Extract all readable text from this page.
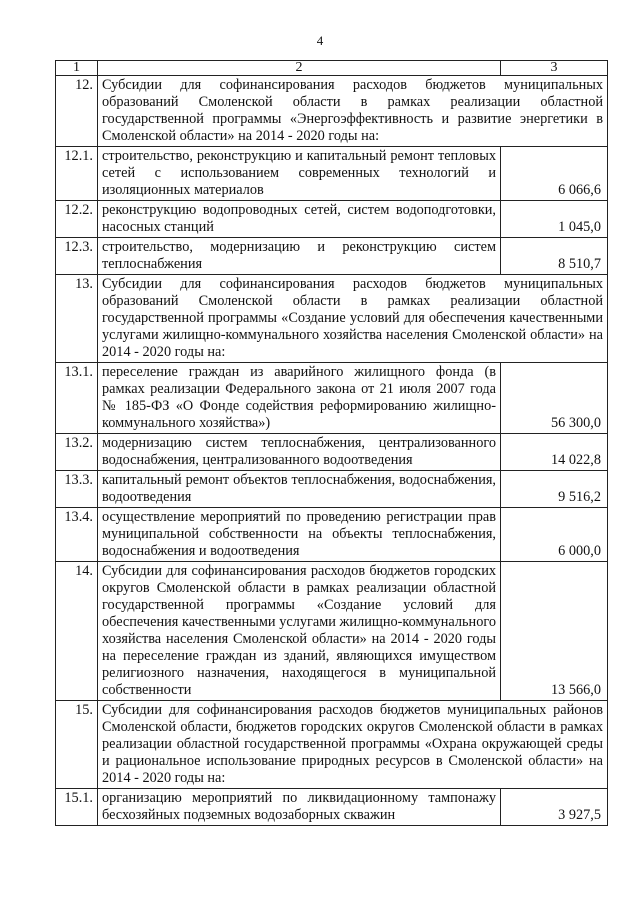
4
1	2	3
12.	Субсидии для софинансирования расходов бюджетов муниципальных образований Смоленской области в рамках реализации областной государственной программы «Энергоэффективность и развитие энергетики в Смоленской области» на 2014 - 2020 годы на:	
12.1.	строительство, реконструкцию и капитальный ремонт тепловых сетей с использованием современных технологий и изоляционных материалов	6 066,6
12.2.	реконструкцию водопроводных сетей, систем водоподготовки, насосных станций	1 045,0
12.3.	строительство, модернизацию и реконструкцию систем теплоснабжения	8 510,7
13.	Субсидии для софинансирования расходов бюджетов муниципальных образований Смоленской области в рамках реализации областной государственной программы «Создание условий для обеспечения качественными услугами жилищно-коммунального хозяйства населения Смоленской области» на 2014 - 2020 годы на:	
13.1.	переселение граждан из аварийного жилищного фонда (в рамках реализации Федерального закона от 21 июля 2007 года № 185-ФЗ «О Фонде содействия реформированию жилищно-коммунального хозяйства»)	56 300,0
13.2.	модернизацию систем теплоснабжения, централизованного водоснабжения, централизованного водоотведения	14 022,8
13.3.	капитальный ремонт объектов теплоснабжения, водоснабжения, водоотведения	9 516,2
13.4.	осуществление мероприятий по проведению регистрации прав муниципальной собственности на объекты теплоснабжения, водоснабжения и водоотведения	6 000,0
14.	Субсидии для софинансирования расходов бюджетов городских округов Смоленской области в рамках реализации областной государственной программы «Создание условий для обеспечения качественными услугами жилищно-коммунального хозяйства населения Смоленской области» на 2014 - 2020 годы на переселение граждан из зданий, являющихся имуществом религиозного назначения, находящегося в муниципальной собственности	13 566,0
15.	Субсидии для софинансирования расходов бюджетов муниципальных районов Смоленской области, бюджетов городских округов Смоленской области в рамках реализации областной государственной программы «Охрана окружающей среды и рациональное использование природных ресурсов в Смоленской области» на 2014 - 2020 годы на:	
15.1.	организацию мероприятий по ликвидационному тампонажу бесхозяйных подземных водозаборных скважин	3 927,5
